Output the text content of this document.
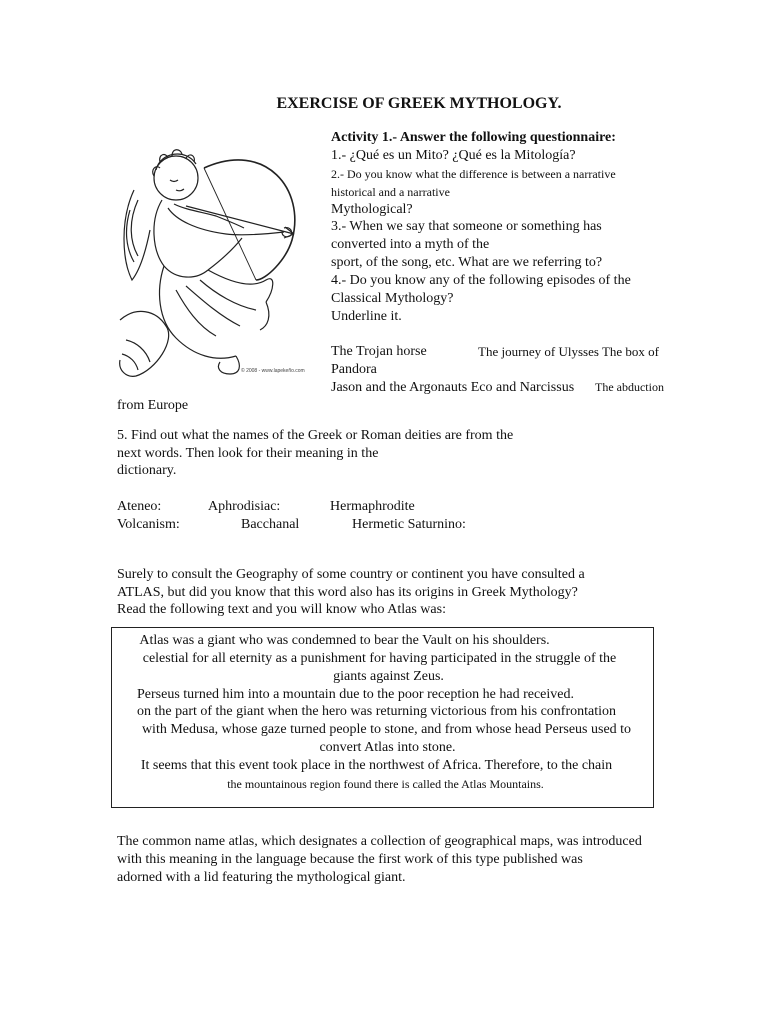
EXERCISE OF GREEK MYTHOLOGY.
© 2008 - www.lapekeño.com
Activity 1.- Answer the following questionnaire:
1.- ¿Qué es un Mito? ¿Qué es la Mitología?
2.- Do you know what the difference is between a narrative
historical and a narrative
Mythological?
3.- When we say that someone or something has
converted into a myth of the
sport, of the song, etc. What are we referring to?
4.- Do you know any of the following episodes of the
Classical Mythology?
Underline it.
The Trojan horse	The journey of Ulysses The box of
Pandora
Jason and the Argonauts Eco and Narcissus The abduction
from Europe
5. Find out what the names of the Greek or Roman deities are from the
next words. Then look for their meaning in the
dictionary.
Ateneo:	Aphrodisiac:	Hermaphrodite
Volcanism:	Bacchanal	Hermetic Saturnino:
Surely to consult the Geography of some country or continent you have consulted a
ATLAS, but did you know that this word also has its origins in Greek Mythology?
Read the following text and you will know who Atlas was:
Atlas was a giant who was condemned to bear the Vault on his shoulders.
celestial for all eternity as a punishment for having participated in the struggle of the
giants against Zeus.
Perseus turned him into a mountain due to the poor reception he had received.
on the part of the giant when the hero was returning victorious from his confrontation
with Medusa, whose gaze turned people to stone, and from whose head Perseus used to
convert Atlas into stone.
It seems that this event took place in the northwest of Africa. Therefore, to the chain
the mountainous region found there is called the Atlas Mountains.
The common name atlas, which designates a collection of geographical maps, was introduced
with this meaning in the language because the first work of this type published was
adorned with a lid featuring the mythological giant.
